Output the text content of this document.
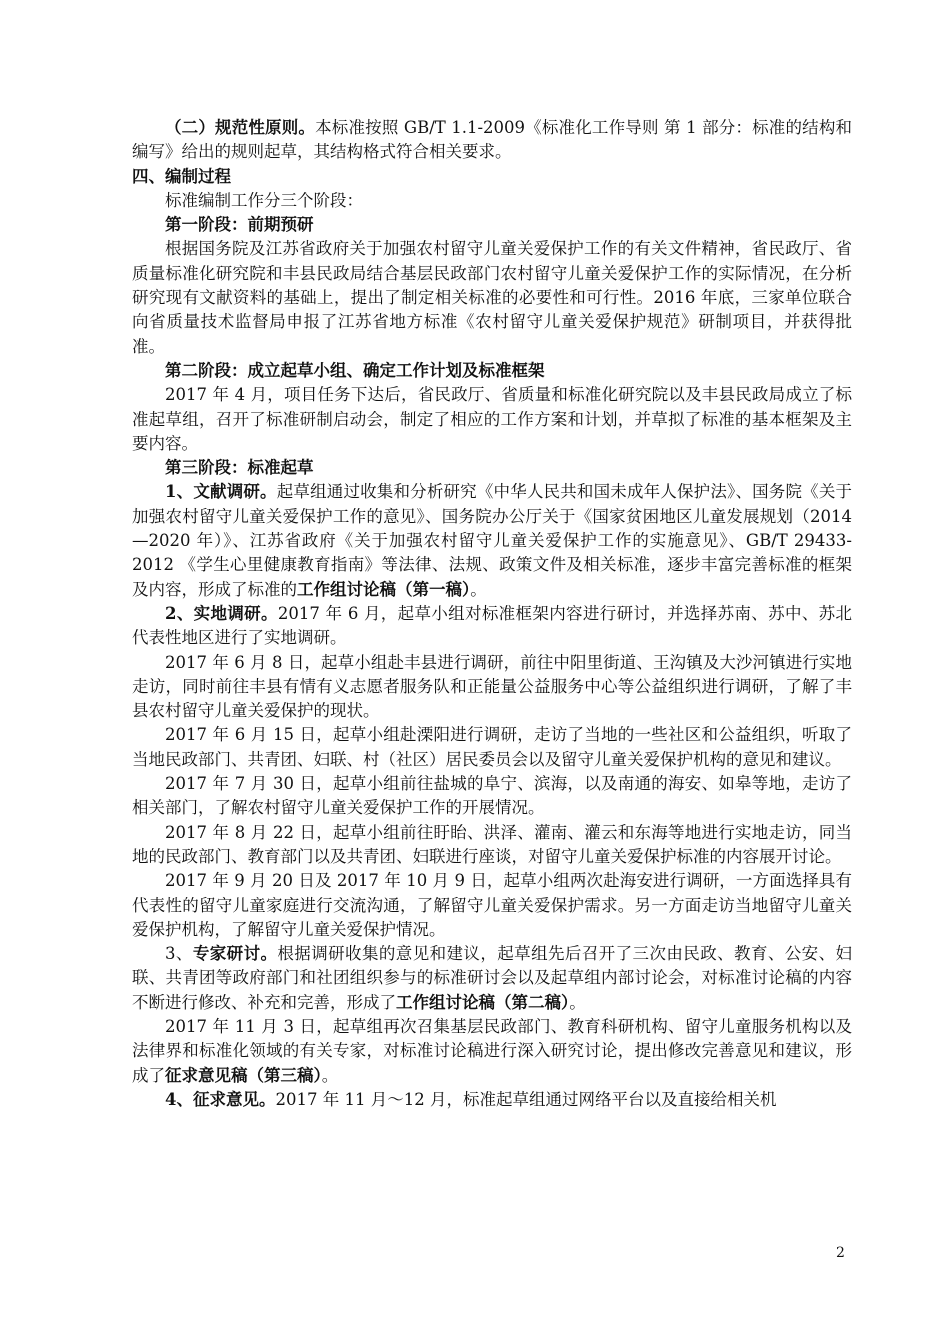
（二）规范性原则。本标准按照 GB/T 1.1-2009《标准化工作导则 第 1 部分：标准的结构和编写》给出的规则起草，其结构格式符合相关要求。

四、编制过程

标准编制工作分三个阶段：

第一阶段：前期预研

根据国务院及江苏省政府关于加强农村留守儿童关爱保护工作的有关文件精神，省民政厅、省质量标准化研究院和丰县民政局结合基层民政部门农村留守儿童关爱保护工作的实际情况，在分析研究现有文献资料的基础上，提出了制定相关标准的必要性和可行性。2016 年底，三家单位联合向省质量技术监督局申报了江苏省地方标准《农村留守儿童关爱保护规范》研制项目，并获得批准。

第二阶段：成立起草小组、确定工作计划及标准框架

2017 年 4 月，项目任务下达后，省民政厅、省质量和标准化研究院以及丰县民政局成立了标准起草组，召开了标准研制启动会，制定了相应的工作方案和计划，并草拟了标准的基本框架及主要内容。

第三阶段：标准起草

1、文献调研。起草组通过收集和分析研究《中华人民共和国未成年人保护法》、国务院《关于加强农村留守儿童关爱保护工作的意见》、国务院办公厅关于《国家贫困地区儿童发展规划（2014—2020 年）》、江苏省政府《关于加强农村留守儿童关爱保护工作的实施意见》、GB/T 29433-2012 《学生心里健康教育指南》等法律、法规、政策文件及相关标准，逐步丰富完善标准的框架及内容，形成了标准的工作组讨论稿（第一稿）。

2、实地调研。2017 年 6 月，起草小组对标准框架内容进行研讨，并选择苏南、苏中、苏北代表性地区进行了实地调研。

2017 年 6 月 8 日，起草小组赴丰县进行调研，前往中阳里街道、王沟镇及大沙河镇进行实地走访，同时前往丰县有情有义志愿者服务队和正能量公益服务中心等公益组织进行调研，了解了丰县农村留守儿童关爱保护的现状。

2017 年 6 月 15 日，起草小组赴溧阳进行调研，走访了当地的一些社区和公益组织，听取了当地民政部门、共青团、妇联、村（社区）居民委员会以及留守儿童关爱保护机构的意见和建议。

2017 年 7 月 30 日，起草小组前往盐城的阜宁、滨海，以及南通的海安、如皋等地，走访了相关部门，了解农村留守儿童关爱保护工作的开展情况。

2017 年 8 月 22 日，起草小组前往盱眙、洪泽、灌南、灌云和东海等地进行实地走访，同当地的民政部门、教育部门以及共青团、妇联进行座谈，对留守儿童关爱保护标准的内容展开讨论。

2017 年 9 月 20 日及 2017 年 10 月 9 日，起草小组两次赴海安进行调研，一方面选择具有代表性的留守儿童家庭进行交流沟通，了解留守儿童关爱保护需求。另一方面走访当地留守儿童关爱保护机构，了解留守儿童关爱保护情况。

3、专家研讨。根据调研收集的意见和建议，起草组先后召开了三次由民政、教育、公安、妇联、共青团等政府部门和社团组织参与的标准研讨会以及起草组内部讨论会，对标准讨论稿的内容不断进行修改、补充和完善，形成了工作组讨论稿（第二稿）。

2017 年 11 月 3 日，起草组再次召集基层民政部门、教育科研机构、留守儿童服务机构以及法律界和标准化领域的有关专家，对标准讨论稿进行深入研究讨论，提出修改完善意见和建议，形成了征求意见稿（第三稿）。

4、征求意见。2017 年 11 月～12 月，标准起草组通过网络平台以及直接给相关机

2
